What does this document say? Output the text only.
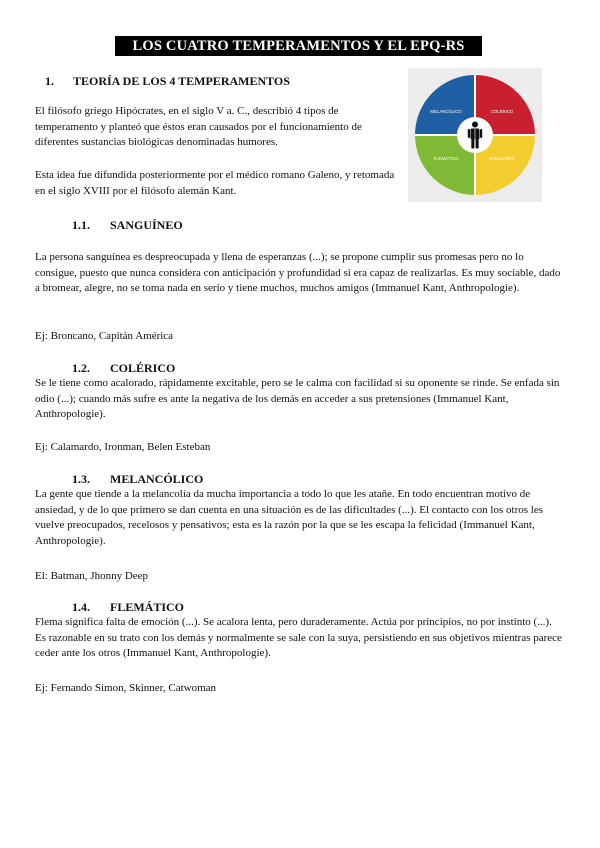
LOS CUATRO TEMPERAMENTOS Y EL EPQ-RS
1. TEORÍA DE LOS 4 TEMPERAMENTOS

El filósofo griego Hipócrates, en el siglo V a. C., describió 4 tipos de temperamento y planteó que éstos eran causados por el funcionamiento de diferentes sustancias biológicas denominadas humores.

Esta idea fue difundida posteriormente por el médico romano Galeno, y retomada en el siglo XVIII por el filósofo alemán Kant.

MELANCÓLICO	COLÉRICO
FLEMÁTICO	SANGUÍNEO
1.1. SANGUÍNEO

La persona sanguínea es despreocupada y llena de esperanzas (...); se propone cumplir sus promesas pero no lo consigue, puesto que nunca considera con anticipación y profundidad si era capaz de realizarlas. Es muy sociable, dado a bromear, alegre, no se toma nada en serio y tiene muchos, muchos amigos (Immanuel Kant, Anthropologie).

Ej: Broncano, Capitán América

1.2. COLÉRICO

Se le tiene como acalorado, rápidamente excitable, pero se le calma con facilidad si su oponente se rinde. Se enfada sin odio (...); cuando más sufre es ante la negativa de los demás en acceder a sus pretensiones (Immanuel Kant, Anthropologie).

Ej: Calamardo, Ironman, Belen Esteban

1.3. MELANCÓLICO

La gente que tiende a la melancolía da mucha importancia a todo lo que les atañe. En todo encuentran motivo de ansiedad, y de lo que primero se dan cuenta en una situación es de las dificultades (...). El contacto con los otros les vuelve preocupados, recelosos y pensativos; esta es la razón por la que se les escapa la felicidad (Immanuel Kant, Anthropologie).

El: Batman, Jhonny Deep

1.4. FLEMÁTICO

Flema significa falta de emoción (...). Se acalora lenta, pero duraderamente. Actúa por principios, no por instinto (...). Es razonable en su trato con los demás y normalmente se sale con la suya, persistiendo en sus objetivos mientras parece ceder ante los otros (Immanuel Kant, Anthropologie).

Ej: Fernando Simon, Skinner, Catwoman
